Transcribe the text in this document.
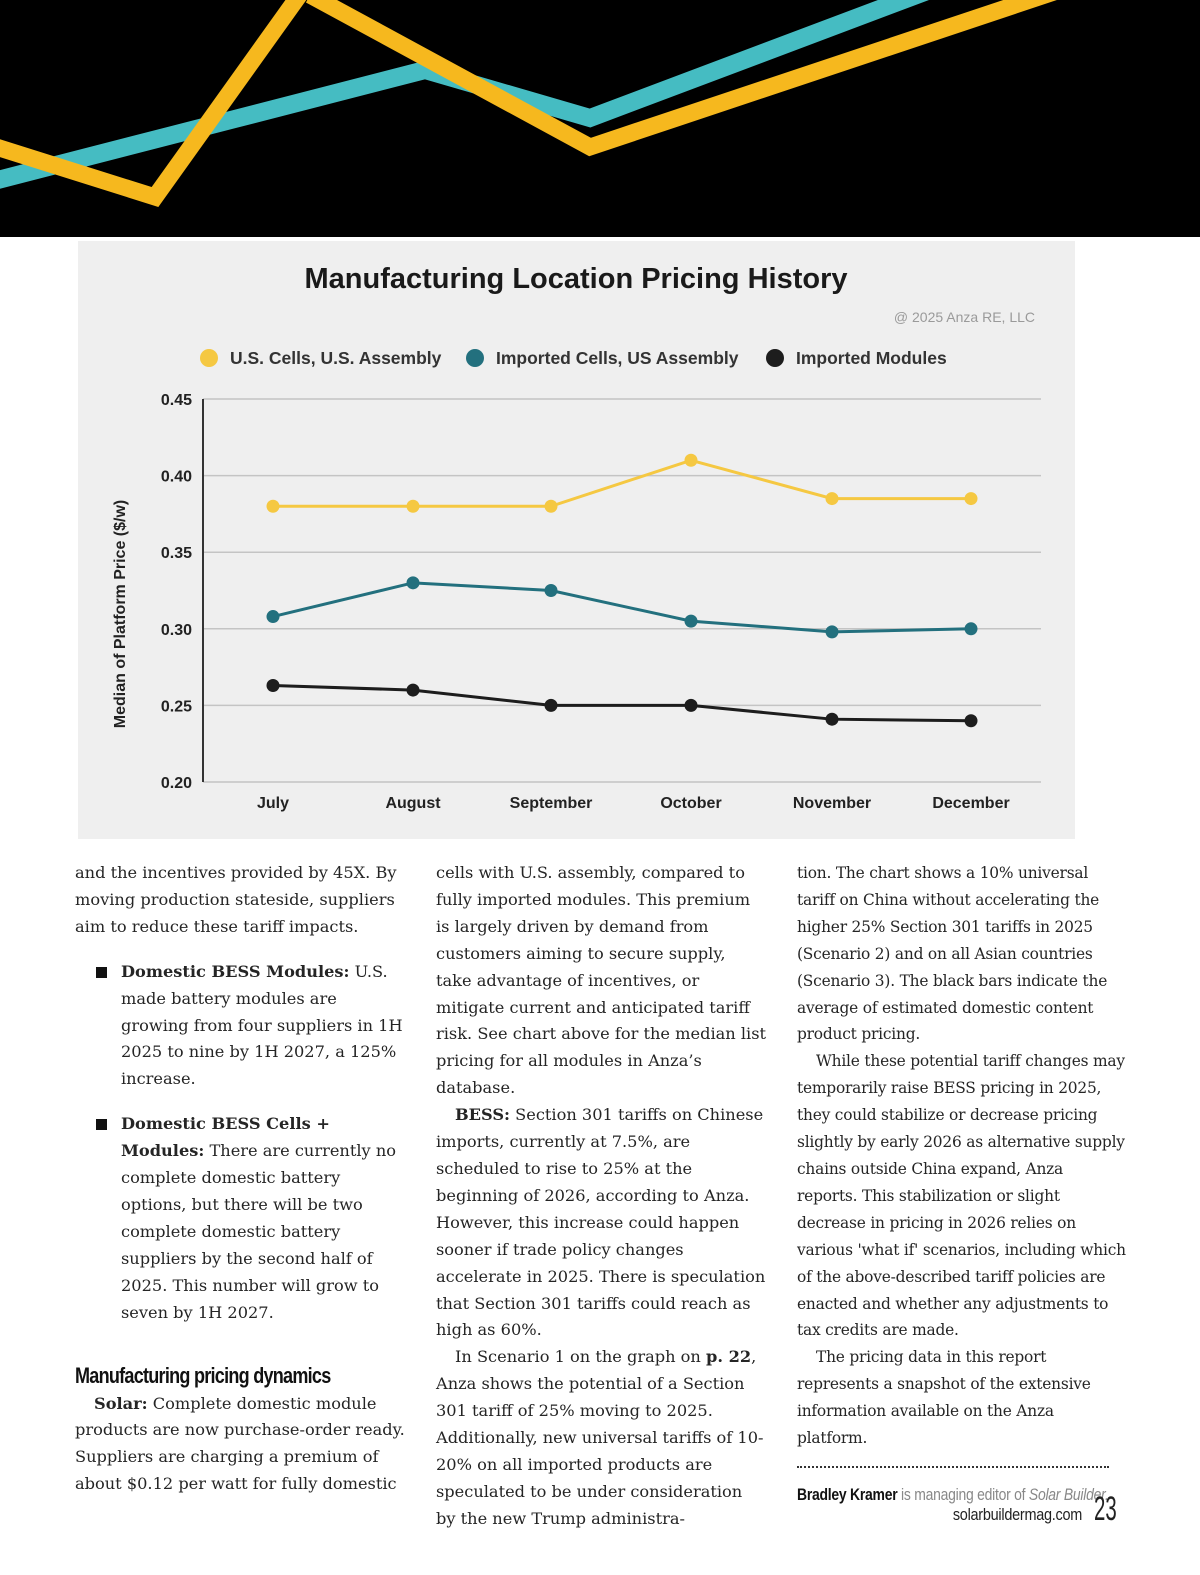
Manufacturing Location Pricing History
@ 2025 Anza RE, LLC
U.S. Cells, U.S. Assembly	Imported Cells, US Assembly	Imported Modules
0.20
0.25
0.30
0.35
0.40
0.45
July	August	September	October	November	December
Median of Platform Price ($/w)

and the incentives provided by 45X. By moving production stateside, suppliers aim to reduce these tariff impacts.

Domestic BESS Modules: U.S. made battery modules are growing from four suppliers in 1H 2025 to nine by 1H 2027, a 125% increase.

Domestic BESS Cells + Modules: There are currently no complete domestic battery options, but there will be two complete domestic battery suppliers by the second half of 2025. This number will grow to seven by 1H 2027.

Manufacturing pricing dynamics

Solar: Complete domestic module products are now purchase-order ready. Suppliers are charging a premium of about $0.12 per watt for fully domestic

cells with U.S. assembly, compared to fully imported modules. This premium is largely driven by demand from customers aiming to secure supply, take advantage of incentives, or mitigate current and anticipated tariff risk. See chart above for the median list pricing for all modules in Anza’s database.

BESS: Section 301 tariffs on Chinese imports, currently at 7.5%, are scheduled to rise to 25% at the beginning of 2026, according to Anza. However, this increase could happen sooner if trade policy changes accelerate in 2025. There is speculation that Section 301 tariffs could reach as high as 60%.

In Scenario 1 on the graph on p. 22, Anza shows the potential of a Section 301 tariff of 25% moving to 2025. Additionally, new universal tariffs of 10-20% on all imported products are speculated to be under consideration by the new Trump administra-

tion. The chart shows a 10% universal tariff on China without accelerating the higher 25% Section 301 tariffs in 2025 (Scenario 2) and on all Asian countries (Scenario 3). The black bars indicate the average of estimated domestic content product pricing.

While these potential tariff changes may temporarily raise BESS pricing in 2025, they could stabilize or decrease pricing slightly by early 2026 as alternative supply chains outside China expand, Anza reports. This stabilization or slight decrease in pricing in 2026 relies on various 'what if' scenarios, including which of the above-described tariff policies are enacted and whether any adjustments to tax credits are made.

The pricing data in this report represents a snapshot of the extensive information available on the Anza platform.

Bradley Kramer is managing editor of Solar Builder.
solarbuildermag.com 23
